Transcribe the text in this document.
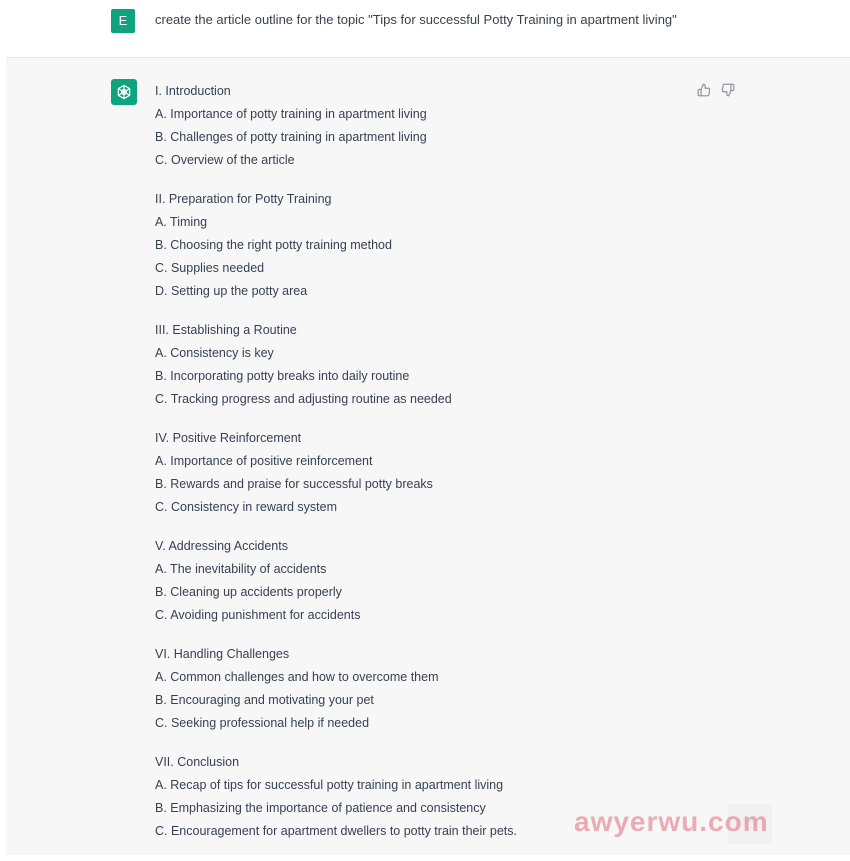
E	create the article outline for the topic "Tips for successful Potty Training in apartment living"
I. Introduction
A. Importance of potty training in apartment living
B. Challenges of potty training in apartment living
C. Overview of the article
II. Preparation for Potty Training
A. Timing
B. Choosing the right potty training method
C. Supplies needed
D. Setting up the potty area
III. Establishing a Routine
A. Consistency is key
B. Incorporating potty breaks into daily routine
C. Tracking progress and adjusting routine as needed
IV. Positive Reinforcement
A. Importance of positive reinforcement
B. Rewards and praise for successful potty breaks
C. Consistency in reward system
V. Addressing Accidents
A. The inevitability of accidents
B. Cleaning up accidents properly
C. Avoiding punishment for accidents
VI. Handling Challenges
A. Common challenges and how to overcome them
B. Encouraging and motivating your pet
C. Seeking professional help if needed
VII. Conclusion
A. Recap of tips for successful potty training in apartment living
B. Emphasizing the importance of patience and consistency
C. Encouragement for apartment dwellers to potty train their pets.	awyerwu.com
